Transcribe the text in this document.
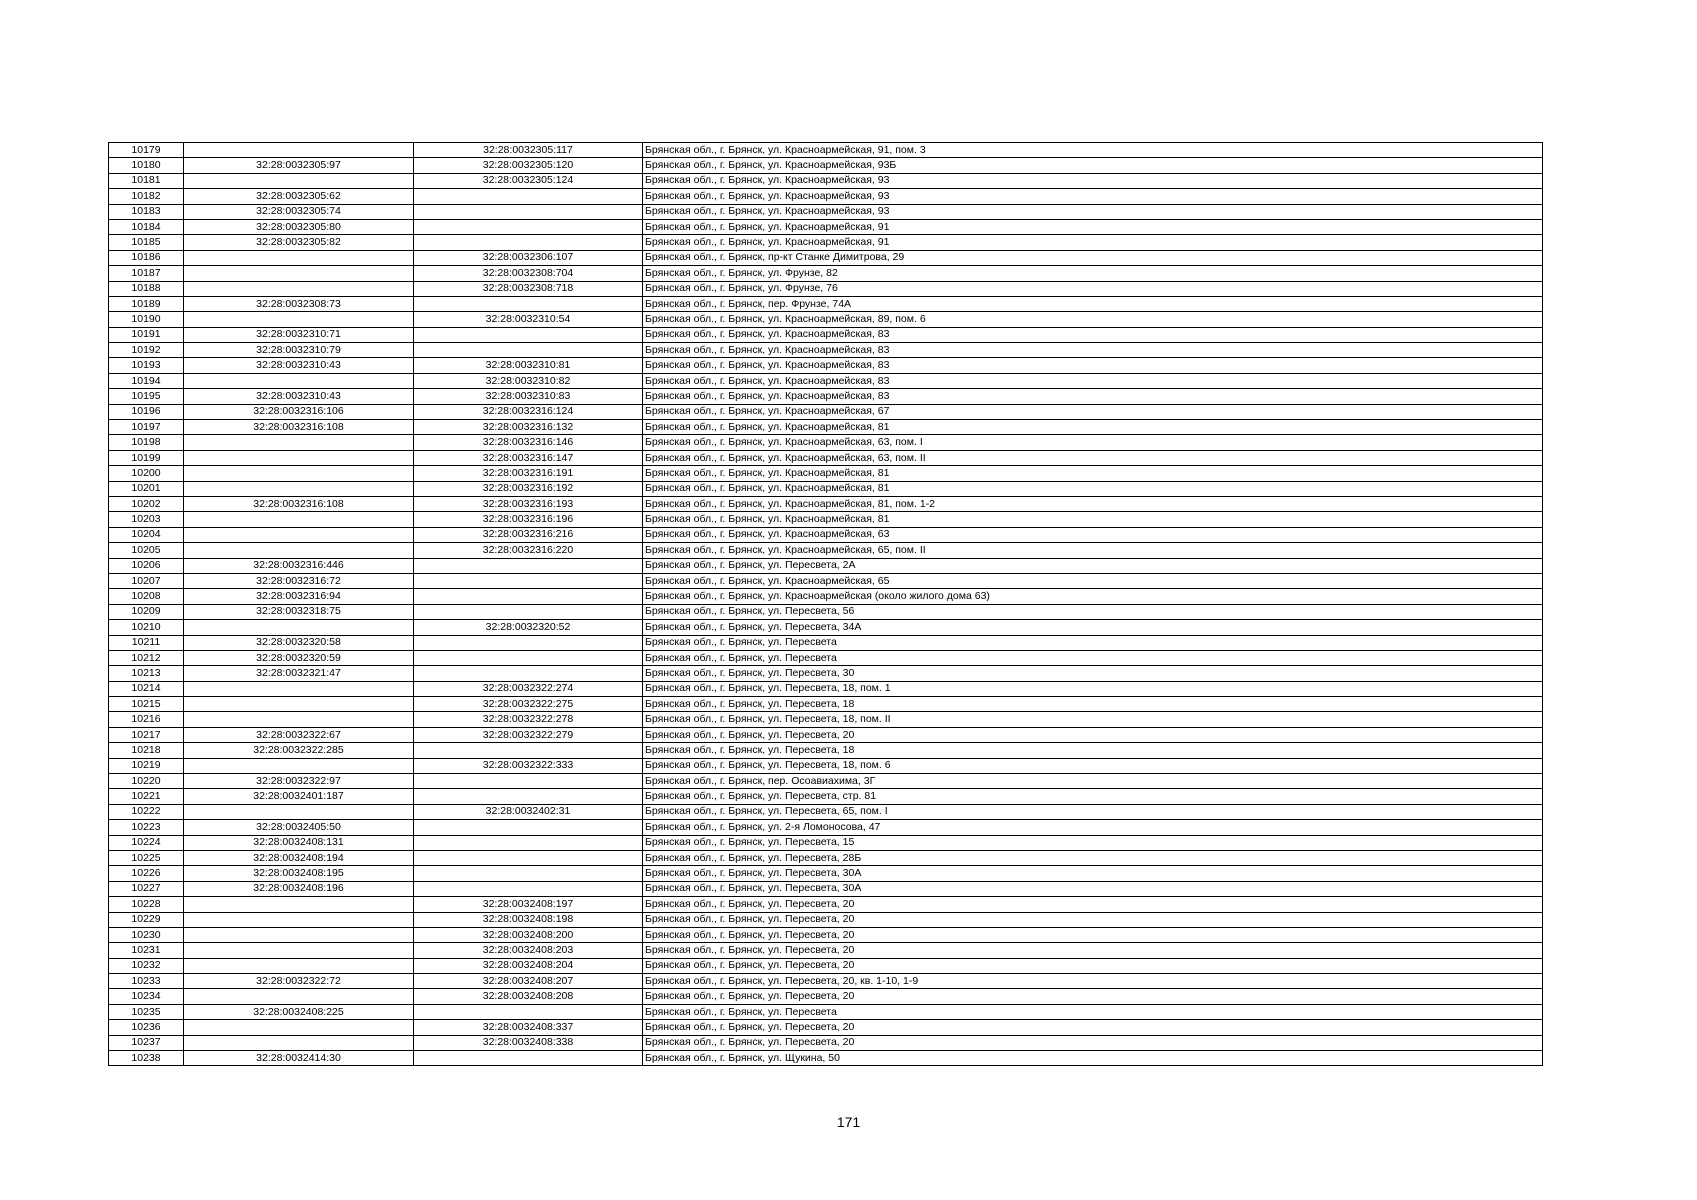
10179		32:28:0032305:117	Брянская обл., г. Брянск, ул. Красноармейская, 91, пом. 3
10180	32:28:0032305:97	32:28:0032305:120	Брянская обл., г. Брянск, ул. Красноармейская, 93Б
10181		32:28:0032305:124	Брянская обл., г. Брянск, ул. Красноармейская, 93
10182	32:28:0032305:62		Брянская обл., г. Брянск, ул. Красноармейская, 93
10183	32:28:0032305:74		Брянская обл., г. Брянск, ул. Красноармейская, 93
10184	32:28:0032305:80		Брянская обл., г. Брянск, ул. Красноармейская, 91
10185	32:28:0032305:82		Брянская обл., г. Брянск, ул. Красноармейская, 91
10186		32:28:0032306:107	Брянская обл., г. Брянск, пр-кт Станке Димитрова, 29
10187		32:28:0032308:704	Брянская обл., г. Брянск, ул. Фрунзе, 82
10188		32:28:0032308:718	Брянская обл., г. Брянск, ул. Фрунзе, 76
10189	32:28:0032308:73		Брянская обл., г. Брянск, пер. Фрунзе, 74А
10190		32:28:0032310:54	Брянская обл., г. Брянск, ул. Красноармейская, 89, пом. 6
10191	32:28:0032310:71		Брянская обл., г. Брянск, ул. Красноармейская, 83
10192	32:28:0032310:79		Брянская обл., г. Брянск, ул. Красноармейская, 83
10193	32:28:0032310:43	32:28:0032310:81	Брянская обл., г. Брянск, ул. Красноармейская, 83
10194		32:28:0032310:82	Брянская обл., г. Брянск, ул. Красноармейская, 83
10195	32:28:0032310:43	32:28:0032310:83	Брянская обл., г. Брянск, ул. Красноармейская, 83
10196	32:28:0032316:106	32:28:0032316:124	Брянская обл., г. Брянск, ул. Красноармейская, 67
10197	32:28:0032316:108	32:28:0032316:132	Брянская обл., г. Брянск, ул. Красноармейская, 81
10198		32:28:0032316:146	Брянская обл., г. Брянск, ул. Красноармейская, 63, пом. I
10199		32:28:0032316:147	Брянская обл., г. Брянск, ул. Красноармейская, 63, пом. II
10200		32:28:0032316:191	Брянская обл., г. Брянск, ул. Красноармейская, 81
10201		32:28:0032316:192	Брянская обл., г. Брянск, ул. Красноармейская, 81
10202	32:28:0032316:108	32:28:0032316:193	Брянская обл., г. Брянск, ул. Красноармейская, 81, пом. 1-2
10203		32:28:0032316:196	Брянская обл., г. Брянск, ул. Красноармейская, 81
10204		32:28:0032316:216	Брянская обл., г. Брянск, ул. Красноармейская, 63
10205		32:28:0032316:220	Брянская обл., г. Брянск, ул. Красноармейская, 65, пом. II
10206	32:28:0032316:446		Брянская обл., г. Брянск, ул. Пересвета, 2А
10207	32:28:0032316:72		Брянская обл., г. Брянск, ул. Красноармейская, 65
10208	32:28:0032316:94		Брянская обл., г. Брянск, ул. Красноармейская (около жилого дома 63)
10209	32:28:0032318:75		Брянская обл., г. Брянск, ул. Пересвета, 56
10210		32:28:0032320:52	Брянская обл., г. Брянск, ул. Пересвета, 34А
10211	32:28:0032320:58		Брянская обл., г. Брянск, ул. Пересвета
10212	32:28:0032320:59		Брянская обл., г. Брянск, ул. Пересвета
10213	32:28:0032321:47		Брянская обл., г. Брянск, ул. Пересвета, 30
10214		32:28:0032322:274	Брянская обл., г. Брянск, ул. Пересвета, 18, пом. 1
10215		32:28:0032322:275	Брянская обл., г. Брянск, ул. Пересвета, 18
10216		32:28:0032322:278	Брянская обл., г. Брянск, ул. Пересвета, 18, пом. II
10217	32:28:0032322:67	32:28:0032322:279	Брянская обл., г. Брянск, ул. Пересвета, 20
10218	32:28:0032322:285		Брянская обл., г. Брянск, ул. Пересвета, 18
10219		32:28:0032322:333	Брянская обл., г. Брянск, ул. Пересвета, 18, пом. 6
10220	32:28:0032322:97		Брянская обл., г. Брянск, пер. Осоавиахима, 3Г
10221	32:28:0032401:187		Брянская обл., г. Брянск, ул. Пересвета, стр. 81
10222		32:28:0032402:31	Брянская обл., г. Брянск, ул. Пересвета, 65, пом. I
10223	32:28:0032405:50		Брянская обл., г. Брянск, ул. 2-я Ломоносова, 47
10224	32:28:0032408:131		Брянская обл., г. Брянск, ул. Пересвета, 15
10225	32:28:0032408:194		Брянская обл., г. Брянск, ул. Пересвета, 28Б
10226	32:28:0032408:195		Брянская обл., г. Брянск, ул. Пересвета, 30А
10227	32:28:0032408:196		Брянская обл., г. Брянск, ул. Пересвета, 30А
10228		32:28:0032408:197	Брянская обл., г. Брянск, ул. Пересвета, 20
10229		32:28:0032408:198	Брянская обл., г. Брянск, ул. Пересвета, 20
10230		32:28:0032408:200	Брянская обл., г. Брянск, ул. Пересвета, 20
10231		32:28:0032408:203	Брянская обл., г. Брянск, ул. Пересвета, 20
10232		32:28:0032408:204	Брянская обл., г. Брянск, ул. Пересвета, 20
10233	32:28:0032322:72	32:28:0032408:207	Брянская обл., г. Брянск, ул. Пересвета, 20, кв. 1-10, 1-9
10234		32:28:0032408:208	Брянская обл., г. Брянск, ул. Пересвета, 20
10235	32:28:0032408:225		Брянская обл., г. Брянск, ул. Пересвета
10236		32:28:0032408:337	Брянская обл., г. Брянск, ул. Пересвета, 20
10237		32:28:0032408:338	Брянская обл., г. Брянск, ул. Пересвета, 20
10238	32:28:0032414:30		Брянская обл., г. Брянск, ул. Щукина, 50
171
